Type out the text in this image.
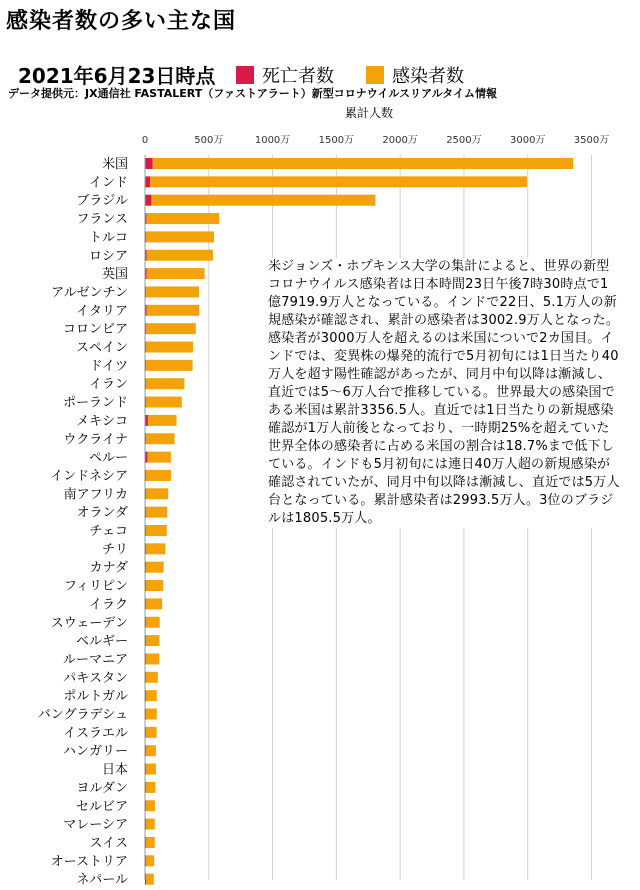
感染者数の多い主な国
2021年6月23日時点	死亡者数	感染者数
データ提供元：JX通信社 FASTALERT（ファストアラート）新型コロナウイルスリアルタイム情報
累計人数
0	500万	1000万	1500万	2000万	2500万	3000万	3500万
米国
インド
ブラジル
フランス
トルコ
ロシア
英国
アルゼンチン
イタリア
コロンビア
スペイン
ドイツ
イラン
ポーランド
メキシコ
ウクライナ
ペルー
インドネシア
南アフリカ
オランダ
チェコ
チリ
カナダ
フィリピン
イラク
スウェーデン
ベルギー
ルーマニア
パキスタン
ポルトガル
バングラデシュ
イスラエル
ハンガリー
日本
ヨルダン
セルビア
マレーシア
スイス
オーストリア
ネパール
米ジョンズ・ホプキンス大学の集計によると、世界の新型コロナウイルス感染者は日本時間23日午後7時30時点で1億7919.9万人となっている。インドで22日、5.1万人の新規感染が確認され、累計の感染者は3002.9万人となった。感染者が3000万人を超えるのは米国についで2カ国目。インドでは、変異株の爆発的流行で5月初旬には1日当たり40万人を超す陽性確認があったが、同月中旬以降は漸減し、直近では5～6万人台で推移している。世界最大の感染国である米国は累計3356.5人。直近では1日当たりの新規感染確認が1万人前後となっており、一時期25%を超えていた世界全体の感染者に占める米国の割合は18.7%まで低下している。インドも5月初旬には連日40万人超の新規感染が確認されていたが、同月中旬以降は漸減し、直近では5万人台となっている。累計感染者は2993.5万人。3位のブラジルは1805.5万人。
